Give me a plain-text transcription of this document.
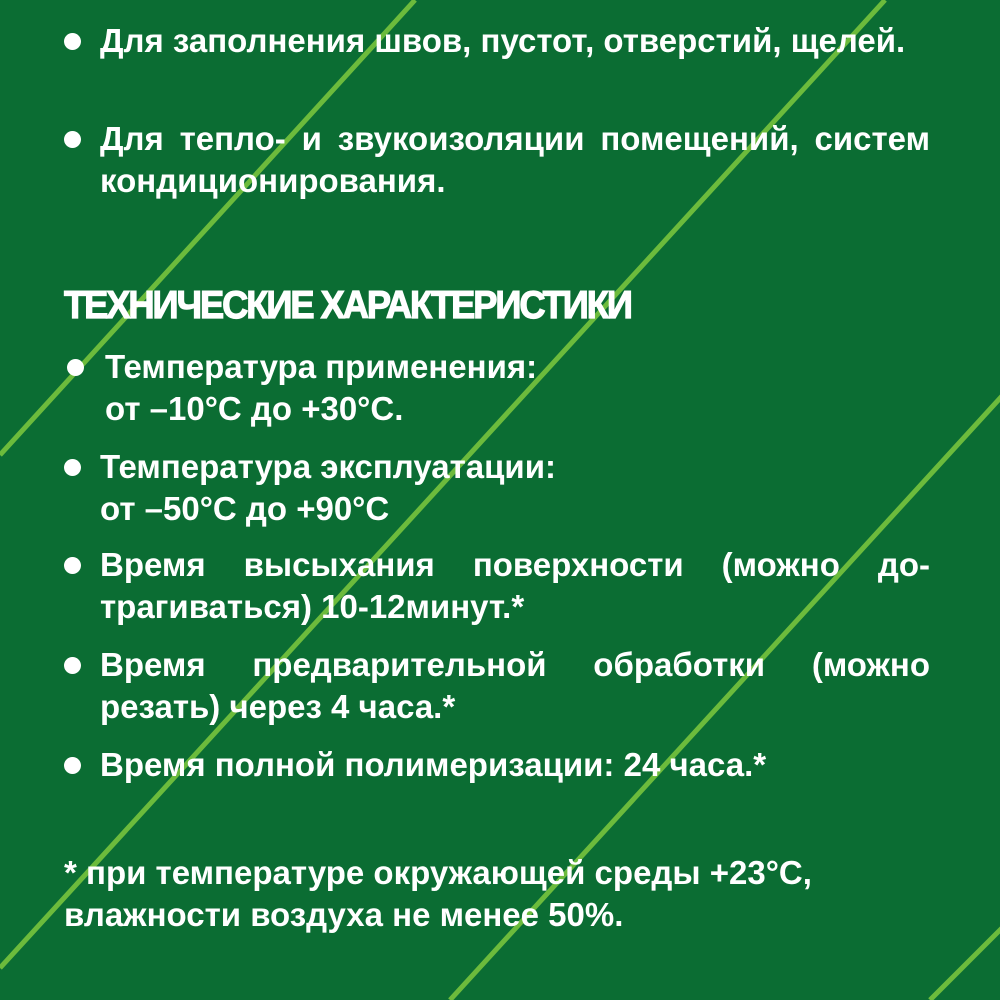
Для заполнения швов, пустот, отверстий, щелей.
Для тепло- и звукоизоляции помещений, систем кондиционирования.
ТЕХНИЧЕСКИЕ ХАРАКТЕРИСТИКИ
Температура применения:
от –10°С до +30°С.
Температура эксплуатации:
от –50°С до +90°С
Время высыхания поверхности (можно дотрагиваться) 10-12минут.*
Время предварительной обработки (можно резать) через 4 часа.*
Время полной полимеризации: 24 часа.*
* при температуре окружающей среды +23°С,
влажности воздуха не менее 50%.
